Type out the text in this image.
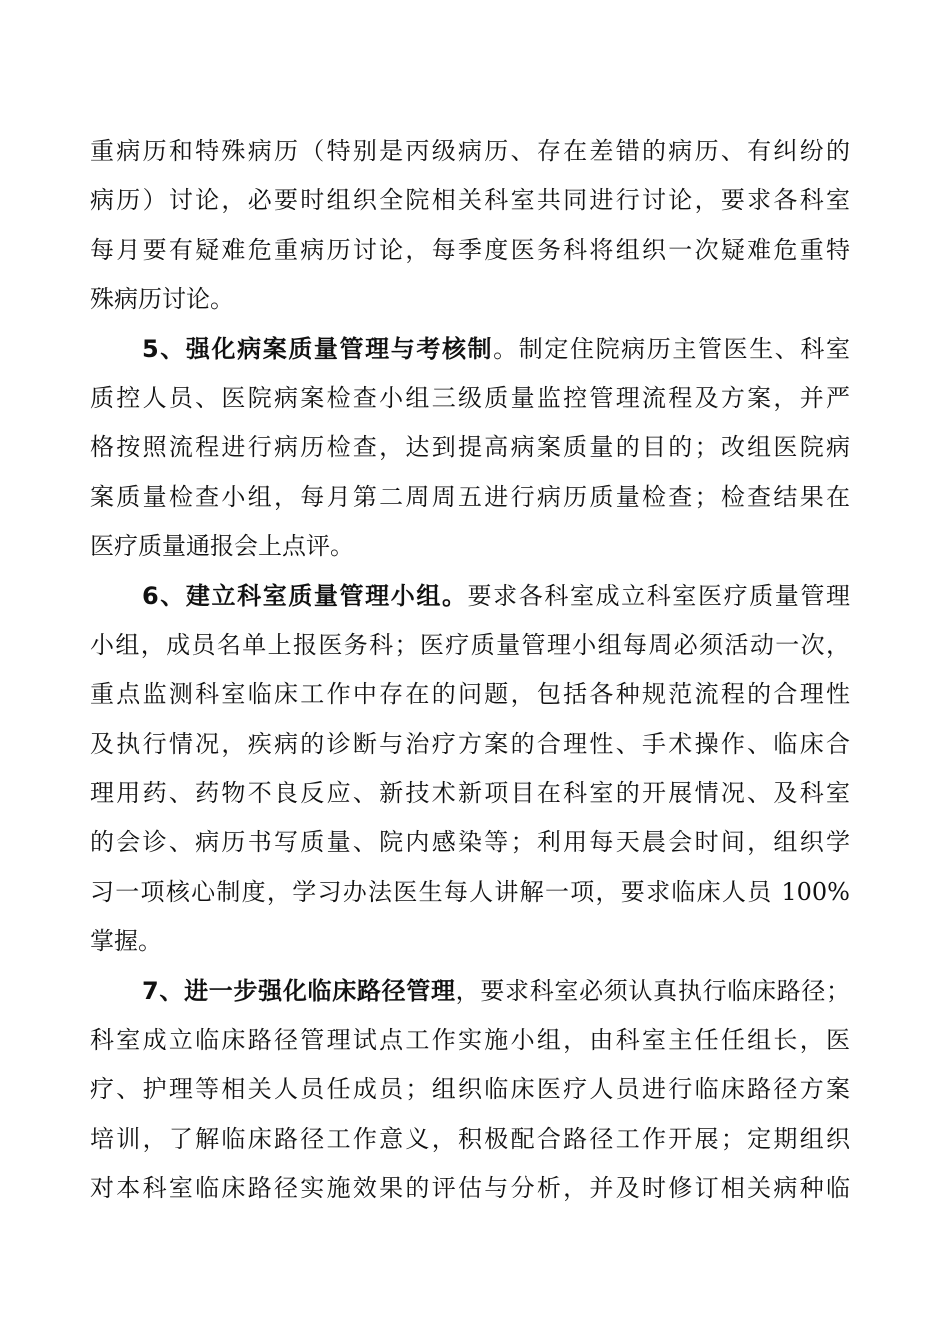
重病历和特殊病历（特别是丙级病历、存在差错的病历、有纠纷的
病历）讨论，必要时组织全院相关科室共同进行讨论，要求各科室
每月要有疑难危重病历讨论，每季度医务科将组织一次疑难危重特
殊病历讨论。
5、强化病案质量管理与考核制。制定住院病历主管医生、科室
质控人员、医院病案检查小组三级质量监控管理流程及方案，并严
格按照流程进行病历检查，达到提高病案质量的目的；改组医院病
案质量检查小组，每月第二周周五进行病历质量检查；检查结果在
医疗质量通报会上点评。
6、建立科室质量管理小组。要求各科室成立科室医疗质量管理
小组，成员名单上报医务科；医疗质量管理小组每周必须活动一次，
重点监测科室临床工作中存在的问题，包括各种规范流程的合理性
及执行情况，疾病的诊断与治疗方案的合理性、手术操作、临床合
理用药、药物不良反应、新技术新项目在科室的开展情况、及科室
的会诊、病历书写质量、院内感染等；利用每天晨会时间，组织学
习一项核心制度，学习办法医生每人讲解一项，要求临床人员 100%
掌握。
7、进一步强化临床路径管理，要求科室必须认真执行临床路径；
科室成立临床路径管理试点工作实施小组，由科室主任任组长，医
疗、护理等相关人员任成员；组织临床医疗人员进行临床路径方案
培训，了解临床路径工作意义，积极配合路径工作开展；定期组织
对本科室临床路径实施效果的评估与分析，并及时修订相关病种临
